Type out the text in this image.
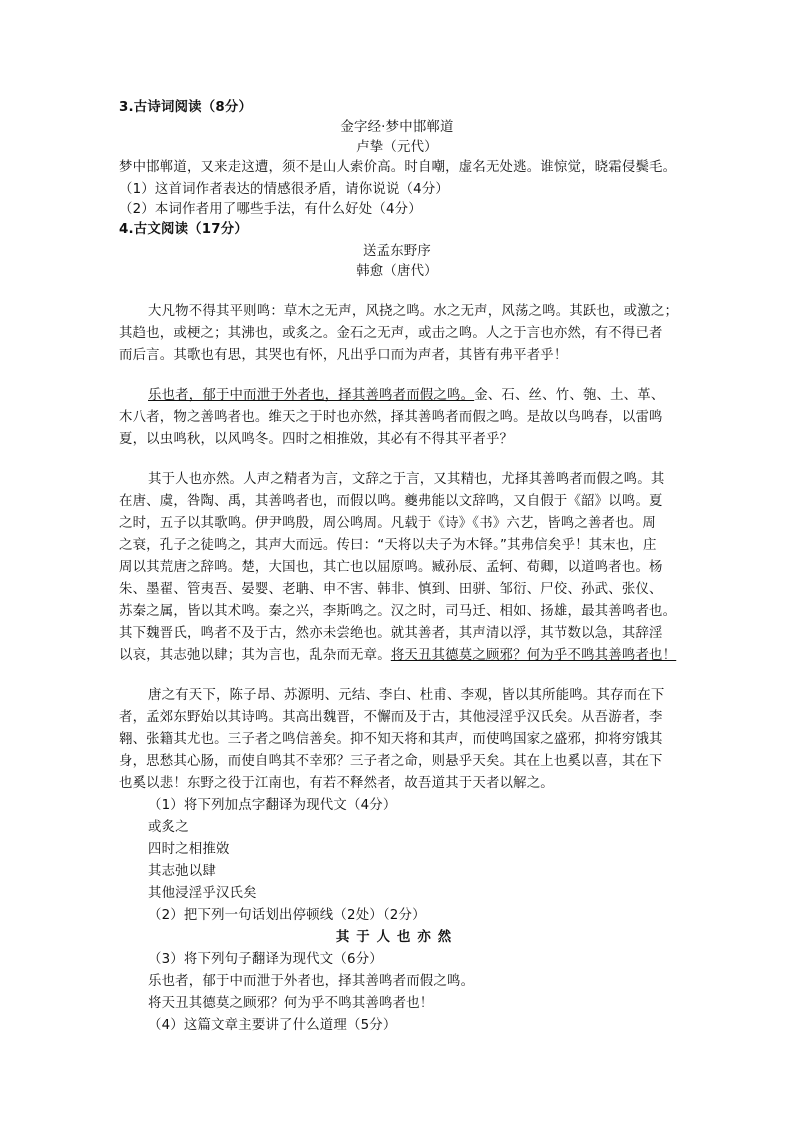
3.古诗词阅读（8分）
金字经·梦中邯郸道
卢挚（元代）
梦中邯郸道，又来走这遭，须不是山人索价高。时自嘲，虚名无处逃。谁惊觉，晓霜侵鬓毛。
（1）这首词作者表达的情感很矛盾，请你说说（4分）
（2）本词作者用了哪些手法，有什么好处（4分）
4.古文阅读（17分）
送孟东野序
韩愈（唐代）
大凡物不得其平则鸣：草木之无声，风挠之鸣。水之无声，风荡之鸣。其跃也，或激之；
其趋也，或梗之；其沸也，或炙之。金石之无声，或击之鸣。人之于言也亦然，有不得已者
而后言。其歌也有思，其哭也有怀，凡出乎口而为声者，其皆有弗平者乎！
乐也者，郁于中而泄于外者也，择其善鸣者而假之鸣。金、石、丝、竹、匏、土、革、
木八者，物之善鸣者也。维天之于时也亦然，择其善鸣者而假之鸣。是故以鸟鸣春，以雷鸣
夏，以虫鸣秋，以风鸣冬。四时之相推敚，其必有不得其平者乎？
其于人也亦然。人声之精者为言，文辞之于言，又其精也，尤择其善鸣者而假之鸣。其
在唐、虞，咎陶、禹，其善鸣者也，而假以鸣。夔弗能以文辞鸣，又自假于《韶》以鸣。夏
之时，五子以其歌鸣。伊尹鸣殷，周公鸣周。凡载于《诗》《书》六艺，皆鸣之善者也。周
之衰，孔子之徒鸣之，其声大而远。传曰：“天将以夫子为木铎。”其弗信矣乎！其末也，庄
周以其荒唐之辞鸣。楚，大国也，其亡也以屈原鸣。臧孙辰、孟轲、荀卿，以道鸣者也。杨
朱、墨翟、管夷吾、晏婴、老聃、申不害、韩非、慎到、田骈、邹衍、尸佼、孙武、张仪、
苏秦之属，皆以其术鸣。秦之兴，李斯鸣之。汉之时，司马迁、相如、扬雄，最其善鸣者也。
其下魏晋氏，鸣者不及于古，然亦未尝绝也。就其善者，其声清以浮，其节数以急，其辞淫
以哀，其志弛以肆；其为言也，乱杂而无章。将天丑其德莫之顾邪？何为乎不鸣其善鸣者也！
唐之有天下，陈子昂、苏源明、元结、李白、杜甫、李观，皆以其所能鸣。其存而在下
者，孟郊东野始以其诗鸣。其高出魏晋，不懈而及于古，其他浸淫乎汉氏矣。从吾游者，李
翱、张籍其尤也。三子者之鸣信善矣。抑不知天将和其声，而使鸣国家之盛邪，抑将穷饿其
身，思愁其心肠，而使自鸣其不幸邪？三子者之命，则悬乎天矣。其在上也奚以喜，其在下
也奚以悲！东野之役于江南也，有若不释然者，故吾道其于天者以解之。
（1）将下列加点字翻译为现代文（4分）
或炙之
四时之相推敚
其志弛以肆
其他浸淫乎汉氏矣
（2）把下列一句话划出停顿线（2处）（2分）
其于人也亦然
（3）将下列句子翻译为现代文（6分）
乐也者，郁于中而泄于外者也，择其善鸣者而假之鸣。
将天丑其德莫之顾邪？何为乎不鸣其善鸣者也！
（4）这篇文章主要讲了什么道理（5分）
